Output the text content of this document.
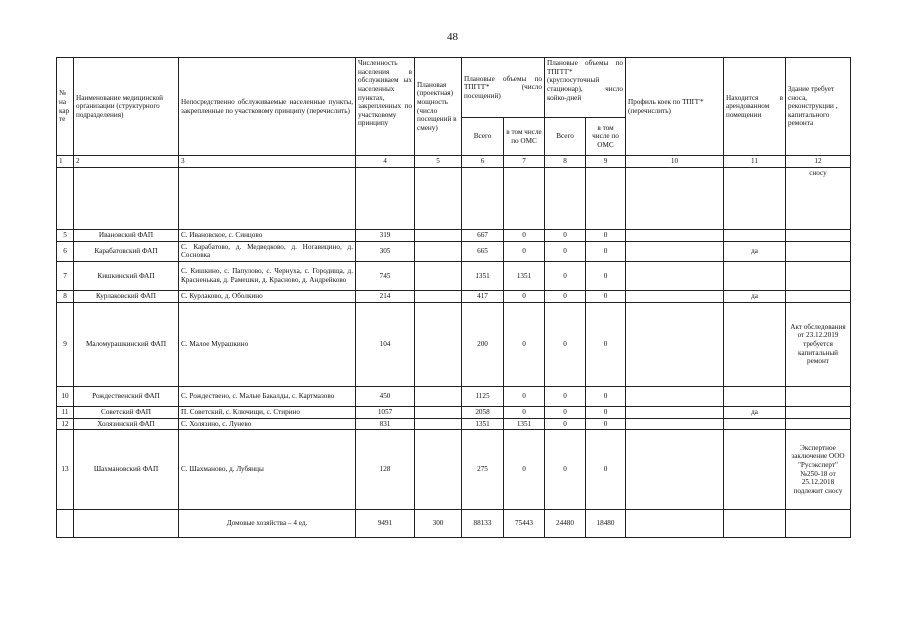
48
№ на кар те	Наименование медицинской организации (структурного подразделения)	Непосредственно обслуживаемые населенные пункты, закрепленные по участковому принципу (перечислить)	Численность населения в обслуживаем ых населенных пунктах, закрепленных по участковому принципу	Плановая (проектная) мощность (число посещений в смену)	Плановые объемы по ТПГГГ* (число посещений)		Плановые объемы по ТПГГГ* (круглосуточный стационар), число койко-дней		Профиль коек по ТПГГ* (перечислить)	Находится в арендованном помещении	Здание требует сноса, реконструкции , капитального ремонта
					Всего	в том числе по ОМС	Всего	в том числе по ОМС			
1	2	3	4	5	6	7	8	9	10	11	12
											сносу
5	Ивановский ФАП	С. Ивановское, с. Синцово	319		667	0	0	0			
6	Карабатовский ФАП	С. Карабатово, д. Медведково, д. Ногавицино, д. Сосновка	305		665	0	0	0		да	
7	Кишкинский ФАП	С. Кишкино, с. Папулово, с. Чернуха, с. Городища, д. Красненькая, д. Рамешки, д. Красново, д. Андрейково	745		1351	1351	0	0			
8	Курлаковский ФАП	С. Курлаково, д. Оболкино	214		417	0	0	0		да	
9	Маломурашкинский ФАП	С. Малое Мурашкино	104		200	0	0	0			Акт обследования от 23.12.2019 требуется капитальный ремонт
10	Рождественский ФАП	С. Рождествено, с. Малые Бакалды, с. Картмазово	450		1125	0	0	0			
11	Советский ФАП	П. Советский, с. Ключищи, с. Стирино	1057		2058	0	0	0		да	
12	Холязинский ФАП	С. Холязино, с. Лунево	831		1351	1351	0	0			
13	Шахмановский ФАП	С. Шахманово, д. Лубянцы	128		275	0	0	0			Экспертное заключение ООО "Русэксперт" №250-18 от 25.12.2018 подлежит сносу
		Домовые хозяйства – 4 ед.	9491	300	88133	75443	24480	18480			
